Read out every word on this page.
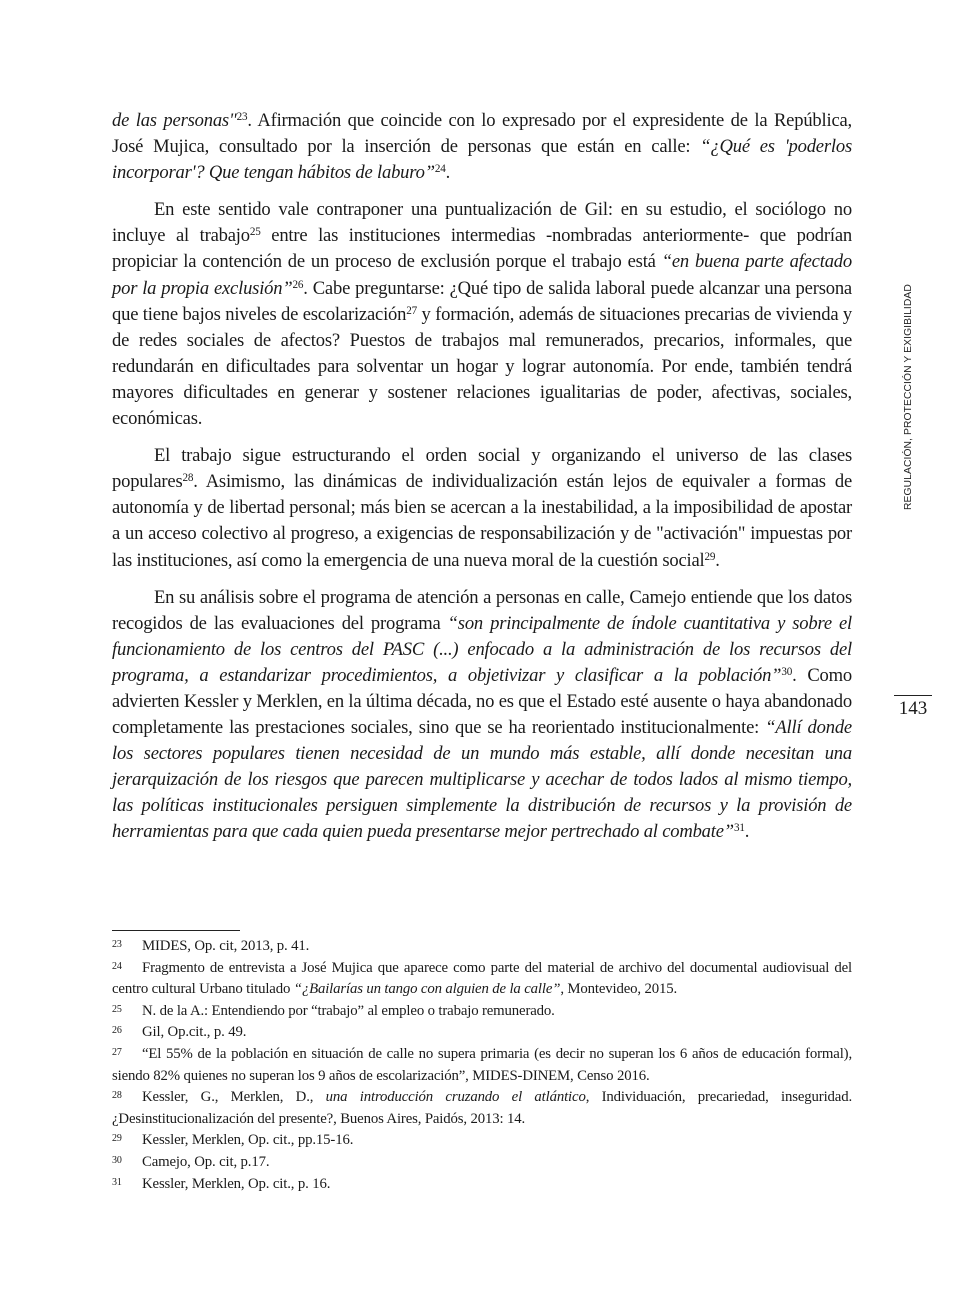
de las personas"$^{23}$. Afirmación que coincide con lo expresado por el expresidente de la República, José Mujica, consultado por la inserción de personas que están en calle: “¿Qué es 'poderlos incorporar'? Que tengan hábitos de laburo”$^{24}$.

En este sentido vale contraponer una puntualización de Gil: en su estudio, el sociólogo no incluye al trabajo$^{25}$ entre las instituciones intermedias -nombradas anteriormente- que podrían propiciar la contención de un proceso de exclusión porque el trabajo está “en buena parte afectado por la propia exclusión”$^{26}$. Cabe preguntarse: ¿Qué tipo de salida laboral puede alcanzar una persona que tiene bajos niveles de escolarización$^{27}$ y formación, además de situaciones precarias de vivienda y de redes sociales de afectos? Puestos de trabajos mal remunerados, precarios, informales, que redundarán en dificultades para solventar un hogar y lograr autonomía. Por ende, también tendrá mayores dificultades en generar y sostener relaciones igualitarias de poder, afectivas, sociales, económicas.

El trabajo sigue estructurando el orden social y organizando el universo de las clases populares$^{28}$. Asimismo, las dinámicas de individualización están lejos de equivaler a formas de autonomía y de libertad personal; más bien se acercan a la inestabilidad, a la imposibilidad de apostar a un acceso colectivo al progreso, a exigencias de responsabilización y de "activación" impuestas por las instituciones, así como la emergencia de una nueva moral de la cuestión social$^{29}$.

En su análisis sobre el programa de atención a personas en calle, Camejo entiende que los datos recogidos de las evaluaciones del programa “son principalmente de índole cuantitativa y sobre el funcionamiento de los centros del PASC (...) enfocado a la administración de los recursos del programa, a estandarizar procedimientos, a objetivizar y clasificar a la población”$^{30}$. Como advierten Kessler y Merklen, en la última década, no es que el Estado esté ausente o haya abandonado completamente las prestaciones sociales, sino que se ha reorientado institucionalmente: “Allí donde los sectores populares tienen necesidad de un mundo más estable, allí donde necesitan una jerarquización de los riesgos que parecen multiplicarse y acechar de todos lados al mismo tiempo, las políticas institucionales persiguen simplemente la distribución de recursos y la provisión de herramientas para que cada quien pueda presentarse mejor pertrechado al combate”$^{31}$.

23 MIDES, Op. cit, 2013, p. 41.

24 Fragmento de entrevista a José Mujica que aparece como parte del material de archivo del documental audiovisual del centro cultural Urbano titulado “¿Bailarías un tango con alguien de la calle”, Montevideo, 2015.

25 N. de la A.: Entendiendo por “trabajo” al empleo o trabajo remunerado.

26 Gil, Op.cit., p. 49.

27 “El 55% de la población en situación de calle no supera primaria (es decir no superan los 6 años de educación formal), siendo 82% quienes no superan los 9 años de escolarización”, MIDES-DINEM, Censo 2016.

28 Kessler, G., Merklen, D., una introducción cruzando el atlántico, Individuación, precariedad, inseguridad. ¿Desinstitucionalización del presente?, Buenos Aires, Paidós, 2013: 14.

29 Kessler, Merklen, Op. cit., pp.15-16.

30 Camejo, Op. cit, p.17.

31 Kessler, Merklen, Op. cit., p. 16.

REGULACIÓN, PROTECCIÓN Y EXIGIBILIDAD
143
